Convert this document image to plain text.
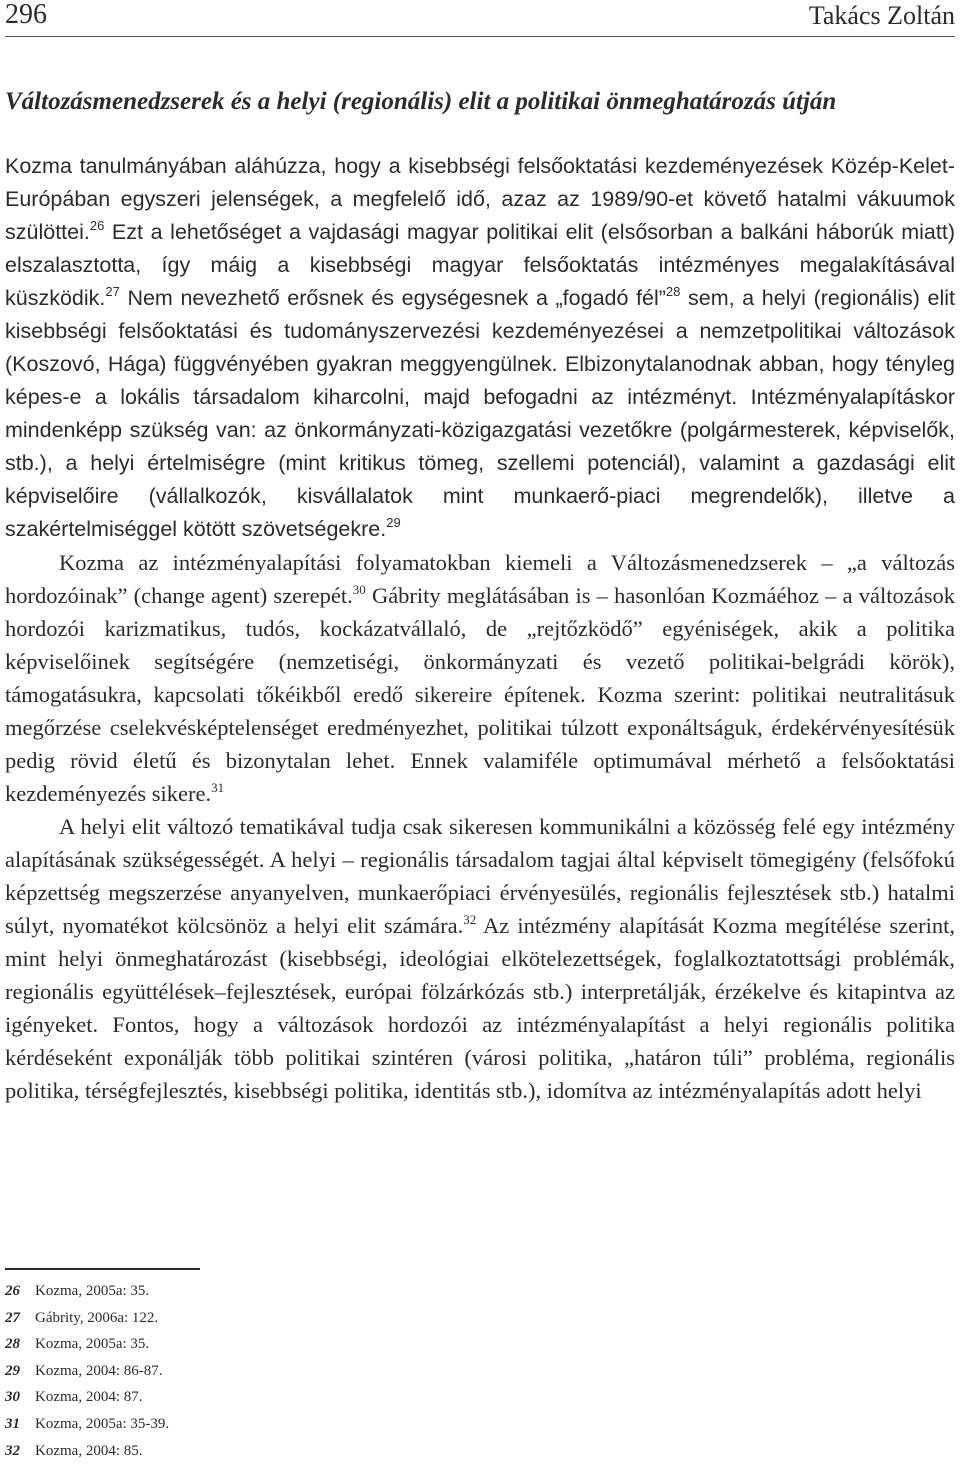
296	Takács Zoltán
Változásmenedzserek és a helyi (regionális) elit a politikai önmeghatározás útján

Kozma tanulmányában aláhúzza, hogy a kisebbségi felsőoktatási kezdeményezések Közép-Kelet-Európában egyszeri jelenségek, a megfelelő idő, azaz az 1989/90-et követő hatalmi vákuumok szülöttei.$^{26}$ Ezt a lehetőséget a vajdasági magyar politikai elit (elsősorban a balkáni háborúk miatt) elszalasztotta, így máig a kisebbségi magyar felsőoktatás intézményes megalakításával küszködik.$^{27}$ Nem nevezhető erősnek és egységesnek a „fogadó fél”$^{28}$ sem, a helyi (regionális) elit kisebbségi felsőoktatási és tudományszervezési kezdeményezései a nemzetpolitikai változások (Koszovó, Hága) függvényében gyakran meggyengülnek. Elbizonytalanodnak abban, hogy tényleg képes-e a lokális társadalom kiharcolni, majd befogadni az intézményt. Intézményalapításkor mindenképp szükség van: az önkormányzati-közigazgatási vezetőkre (polgármesterek, képviselők, stb.), a helyi értelmiségre (mint kritikus tömeg, szellemi potenciál), valamint a gazdasági elit képviselőire (vállalkozók, kisvállalatok mint munkaerő-piaci megrendelők), illetve a szakértelmiséggel kötött szövetségekre.$^{29}$

Kozma az intézményalapítási folyamatokban kiemeli a Változásmenedzserek – „a változás hordozóinak” (change agent) szerepét.$^{30}$ Gábrity meglátásában is – hasonlóan Kozmáéhoz – a változások hordozói karizmatikus, tudós, kockázatvállaló, de „rejtőzködő” egyéniségek, akik a politika képviselőinek segítségére (nemzetiségi, önkormányzati és vezető politikai-belgrádi körök), támogatásukra, kapcsolati tőkéikből eredő sikereire építenek. Kozma szerint: politikai neutralitásuk megőrzése cselekvésképtelenséget eredményezhet, politikai túlzott exponáltságuk, érdekérvényesítésük pedig rövid életű és bizonytalan lehet. Ennek valamiféle optimumával mérhető a felsőoktatási kezdeményezés sikere.$^{31}$

A helyi elit változó tematikával tudja csak sikeresen kommunikálni a közösség felé egy intézmény alapításának szükségességét. A helyi – regionális társadalom tagjai által képviselt tömegigény (felsőfokú képzettség megszerzése anyanyelven, munkaerőpiaci érvényesülés, regionális fejlesztések stb.) hatalmi súlyt, nyomatékot kölcsönöz a helyi elit számára.$^{32}$ Az intézmény alapítását Kozma megítélése szerint, mint helyi önmeghatározást (kisebbségi, ideológiai elkötelezettségek, foglalkoztatottsági problémák, regionális együttélések–fejlesztések, európai fölzárkózás stb.) interpretálják, érzékelve és kitapintva az igényeket. Fontos, hogy a változások hordozói az intézményalapítást a helyi regionális politika kérdéseként exponálják több politikai szintéren (városi politika, „határon túli” probléma, regionális politika, térségfejlesztés, kisebbségi politika, identitás stb.), idomítva az intézményalapítás adott helyi

26 Kozma, 2005a: 35.
27 Gábrity, 2006a: 122.
28 Kozma, 2005a: 35.
29 Kozma, 2004: 86-87.
30 Kozma, 2004: 87.
31 Kozma, 2005a: 35-39.
32 Kozma, 2004: 85.
